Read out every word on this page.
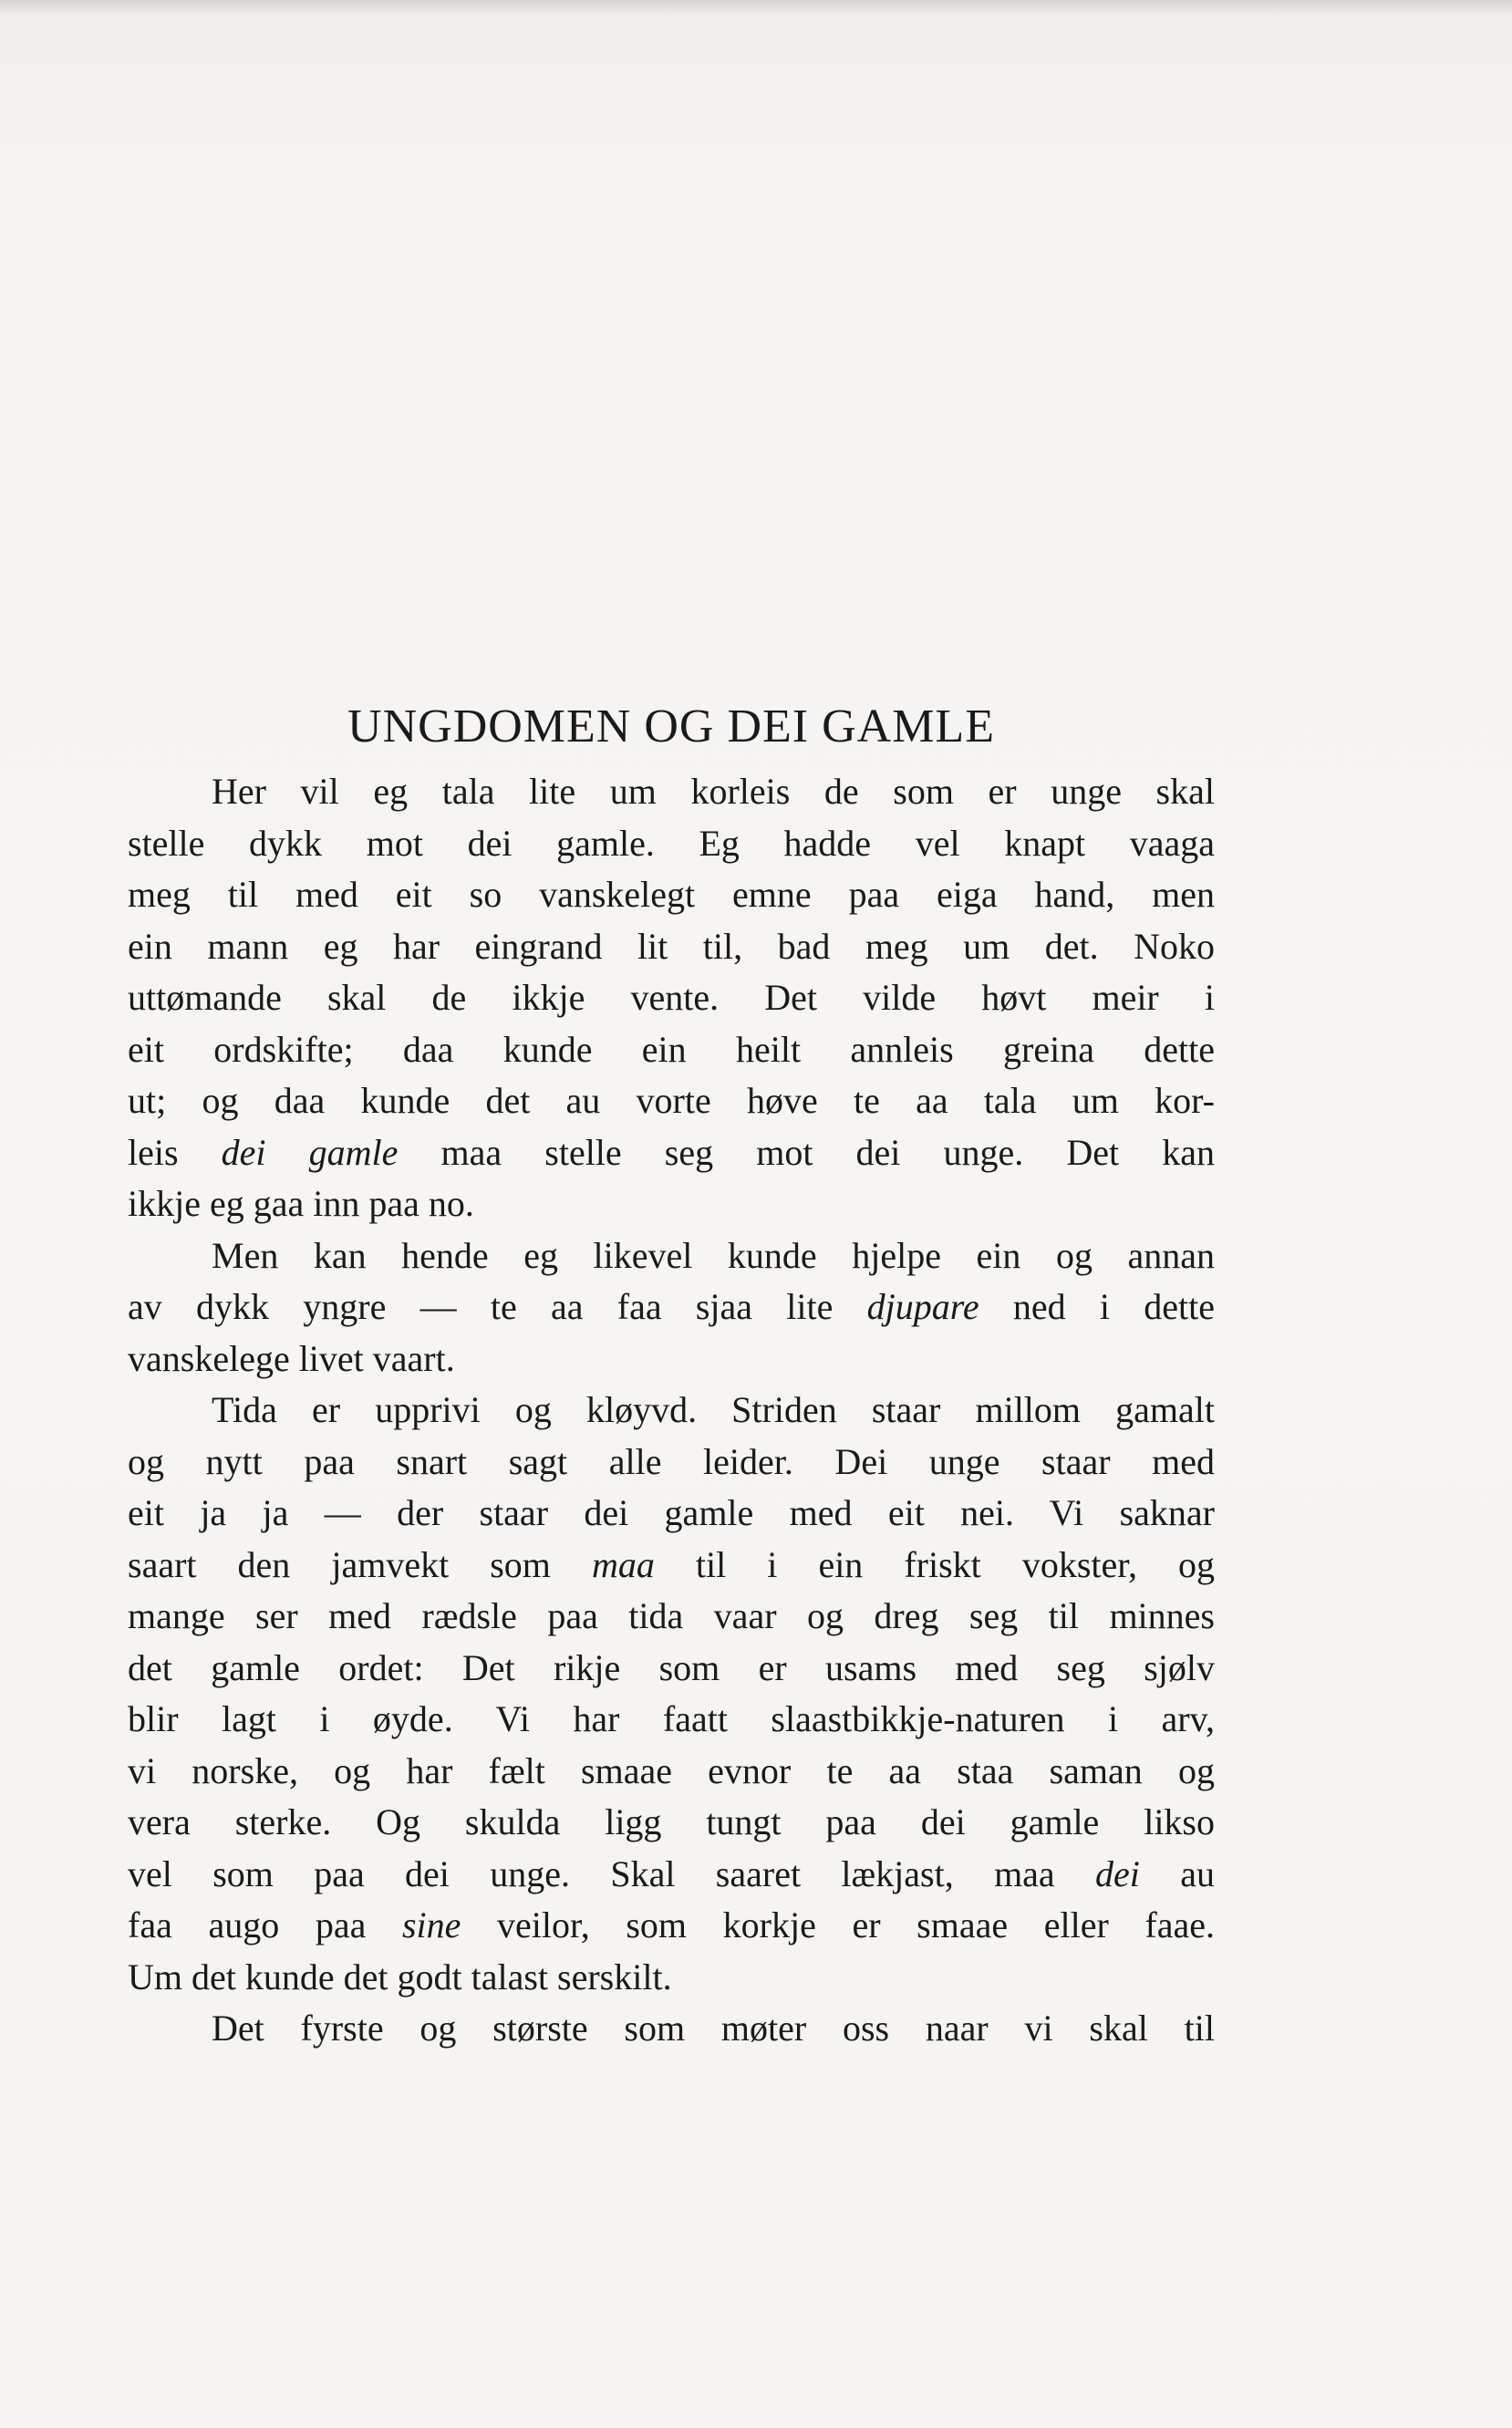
UNGDOMEN OG DEI GAMLE

Her vil eg tala lite um korleis de som er unge skal
stelle dykk mot dei gamle. Eg hadde vel knapt vaaga
meg til med eit so vanskelegt emne paa eiga hand, men
ein mann eg har eingrand lit til, bad meg um det. Noko
uttømande skal de ikkje vente. Det vilde høvt meir i
eit ordskifte; daa kunde ein heilt annleis greina dette
ut; og daa kunde det au vorte høve te aa tala um kor-
leis dei gamle maa stelle seg mot dei unge. Det kan
ikkje eg gaa inn paa no.

Men kan hende eg likevel kunde hjelpe ein og annan
av dykk yngre — te aa faa sjaa lite djupare ned i dette
vanskelege livet vaart.

Tida er upprivi og kløyvd. Striden staar millom gamalt
og nytt paa snart sagt alle leider. Dei unge staar med
eit ja ja — der staar dei gamle med eit nei. Vi saknar
saart den jamvekt som maa til i ein friskt vokster, og
mange ser med rædsle paa tida vaar og dreg seg til minnes
det gamle ordet: Det rikje som er usams med seg sjølv
blir lagt i øyde. Vi har faatt slaastbikkje-naturen i arv,
vi norske, og har fælt smaae evnor te aa staa saman og
vera sterke. Og skulda ligg tungt paa dei gamle likso
vel som paa dei unge. Skal saaret lækjast, maa dei au
faa augo paa sine veilor, som korkje er smaae eller faae.
Um det kunde det godt talast serskilt.

Det fyrste og største som møter oss naar vi skal til
